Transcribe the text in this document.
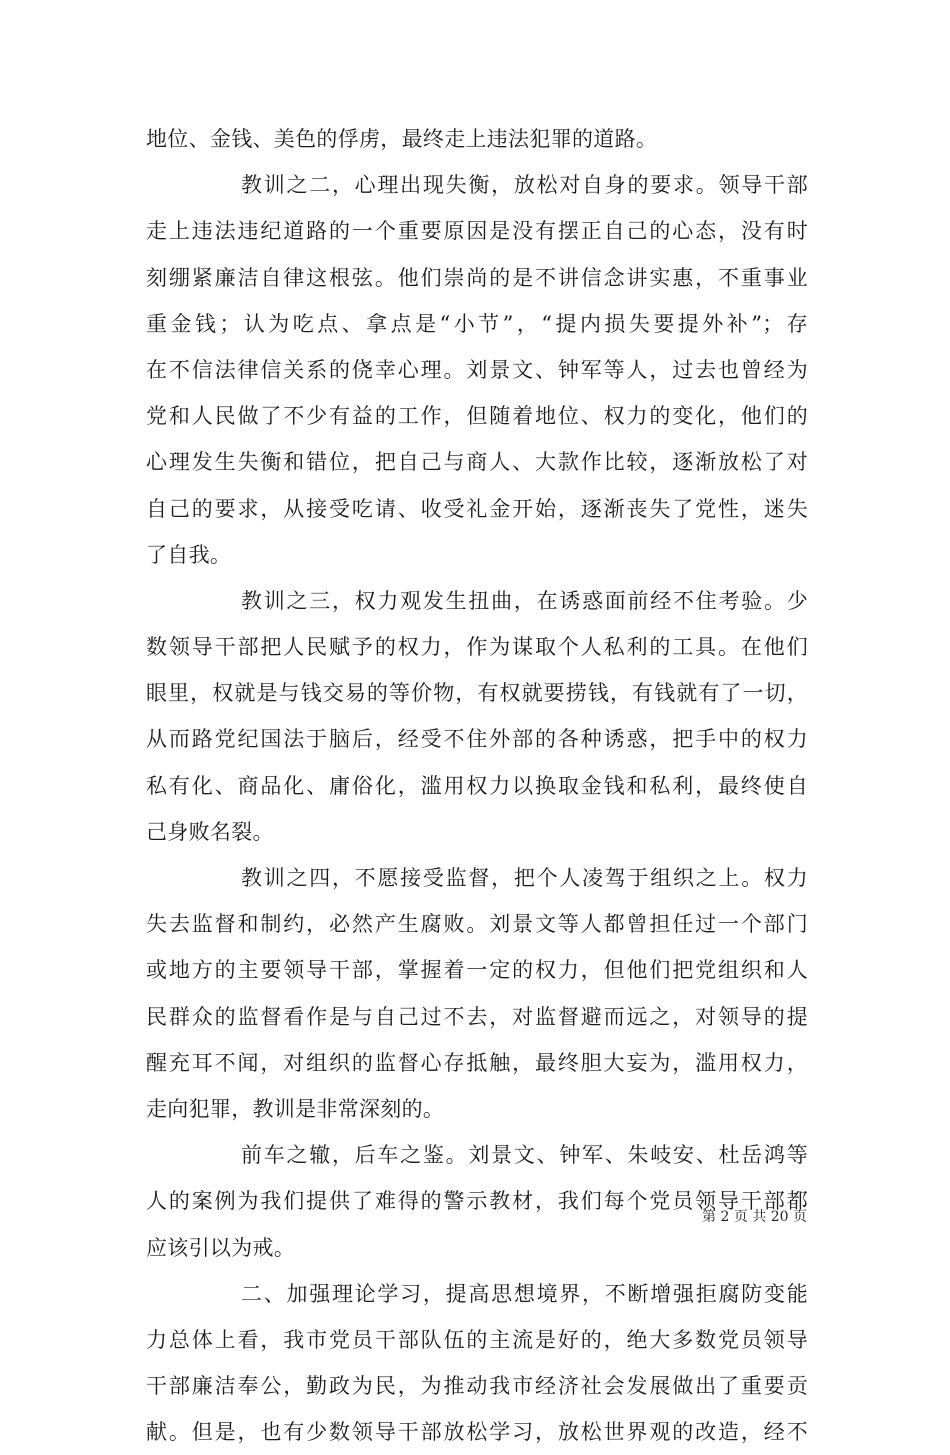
地位、金钱、美色的俘虏，最终走上违法犯罪的道路。
教训之二，心理出现失衡，放松对自身的要求。领导干部
走上违法违纪道路的一个重要原因是没有摆正自己的心态，没有时
刻绷紧廉洁自律这根弦。他们崇尚的是不讲信念讲实惠，不重事业
重金钱；认为吃点、拿点是“小节”，“提内损失要提外补”；存
在不信法律信关系的侥幸心理。刘景文、钟军等人，过去也曾经为
党和人民做了不少有益的工作，但随着地位、权力的变化，他们的
心理发生失衡和错位，把自己与商人、大款作比较，逐渐放松了对
自己的要求，从接受吃请、收受礼金开始，逐渐丧失了党性，迷失
了自我。
教训之三，权力观发生扭曲，在诱惑面前经不住考验。少
数领导干部把人民赋予的权力，作为谋取个人私利的工具。在他们
眼里，权就是与钱交易的等价物，有权就要捞钱，有钱就有了一切，
从而路党纪国法于脑后，经受不住外部的各种诱惑，把手中的权力
私有化、商品化、庸俗化，滥用权力以换取金钱和私利，最终使自
己身败名裂。
教训之四，不愿接受监督，把个人凌驾于组织之上。权力
失去监督和制约，必然产生腐败。刘景文等人都曾担任过一个部门
或地方的主要领导干部，掌握着一定的权力，但他们把党组织和人
民群众的监督看作是与自己过不去，对监督避而远之，对领导的提
醒充耳不闻，对组织的监督心存抵触，最终胆大妄为，滥用权力，
走向犯罪，教训是非常深刻的。
前车之辙，后车之鉴。刘景文、钟军、朱岐安、杜岳鸿等
人的案例为我们提供了难得的警示教材，我们每个党员领导干部都
应该引以为戒。
二、加强理论学习，提高思想境界，不断增强拒腐防变能
力总体上看，我市党员干部队伍的主流是好的，绝大多数党员领导
干部廉洁奉公，勤政为民，为推动我市经济社会发展做出了重要贡
献。但是，也有少数领导干部放松学习，放松世界观的改造，经不
第 2 页 共 20 页
